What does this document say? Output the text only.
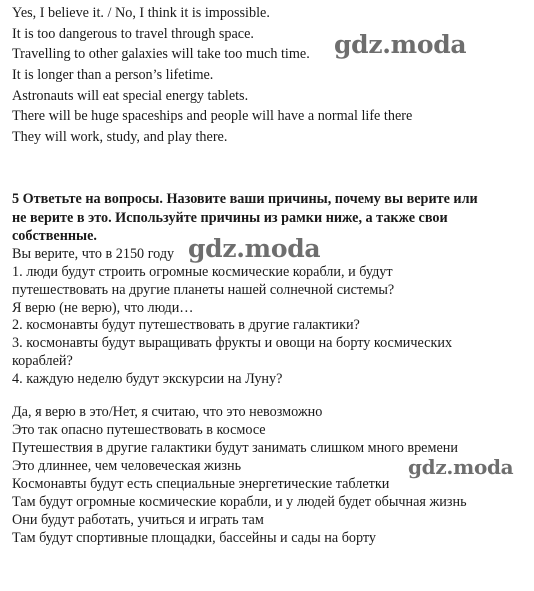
Yes, I believe it. / No, I think it is impossible.
It is too dangerous to travel through space.
Travelling to other galaxies will take too much time.
It is longer than a person’s lifetime.
Astronauts will eat special energy tablets.
There will be huge spaceships and people will have a normal life there
They will work, study, and play there.
5 Ответьте на вопросы. Назовите ваши причины, почему вы верите или
не верите в это. Используйте причины из рамки ниже, а также свои
собственные.
Вы верите, что в 2150 году
1. люди будут строить огромные космические корабли, и будут
путешествовать на другие планеты нашей солнечной системы?
Я верю (не верю), что люди…
2. космонавты будут путешествовать в другие галактики?
3. космонавты будут выращивать фрукты и овощи на борту космических
кораблей?
4. каждую неделю будут экскурсии на Луну?
Да, я верю в это/Нет, я считаю, что это невозможно
Это так опасно путешествовать в космосе
Путешествия в другие галактики будут занимать слишком много времени
Это длиннее, чем человеческая жизнь
Космонавты будут есть специальные энергетические таблетки
Там будут огромные космические корабли, и у людей будет обычная жизнь
Они будут работать, учиться и играть там
Там будут спортивные площадки, бассейны и сады на борту
gdz.moda
gdz.moda
gdz.moda
